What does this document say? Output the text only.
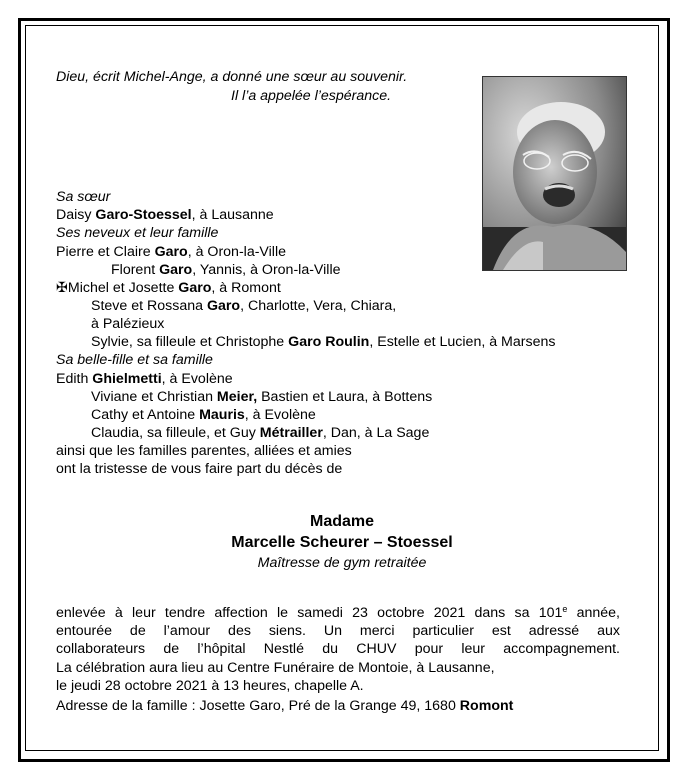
Dieu, écrit Michel-Ange, a donné une sœur au souvenir.
Il l’a appelée l’espérance.
Sa sœur
Daisy Garo-Stoessel, à Lausanne
Ses neveux et leur famille
Pierre et Claire Garo, à Oron-la-Ville
Florent Garo, Yannis, à Oron-la-Ville
✠Michel et Josette Garo, à Romont
Steve et Rossana Garo, Charlotte, Vera, Chiara,
à Palézieux
Sylvie, sa filleule et Christophe Garo Roulin, Estelle et Lucien, à Marsens
Sa belle-fille et sa famille
Edith Ghielmetti, à Evolène
Viviane et Christian Meier, Bastien et Laura, à Bottens
Cathy et Antoine Mauris, à Evolène
Claudia, sa filleule, et Guy Métrailler, Dan, à La Sage
ainsi que les familles parentes, alliées et amies
ont la tristesse de vous faire part du décès de
Madame
Marcelle Scheurer – Stoessel
Maîtresse de gym retraitée
enlevée à leur tendre affection le samedi 23 octobre 2021 dans sa 101e année,
entourée de l’amour des siens. Un merci particulier est adressé aux
collaborateurs de l’hôpital Nestlé du CHUV pour leur accompagnement.
La célébration aura lieu au Centre Funéraire de Montoie, à Lausanne,
le jeudi 28 octobre 2021 à 13 heures, chapelle A.
Adresse de la famille : Josette Garo, Pré de la Grange 49, 1680 Romont
